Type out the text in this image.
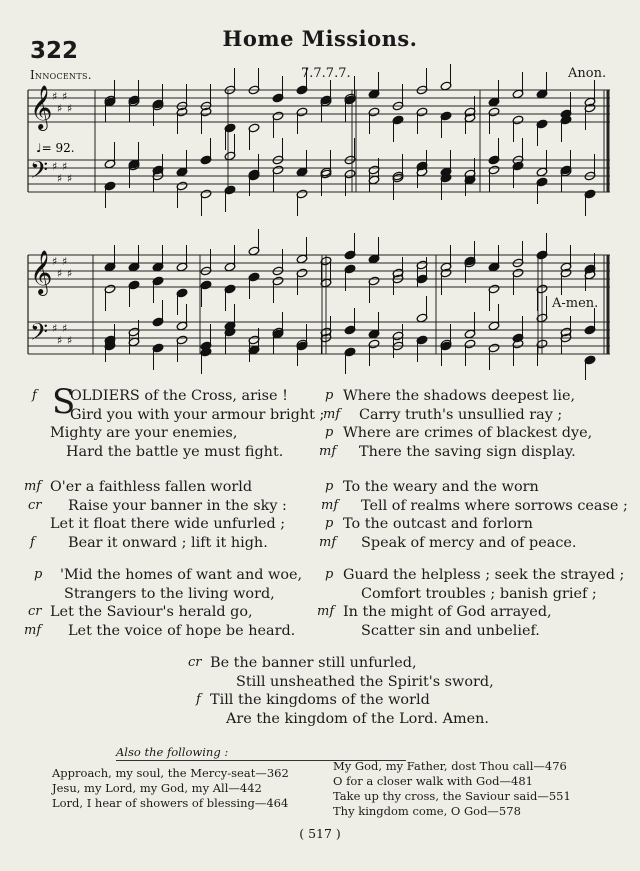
Home Missions.
322
Innocents.	7.7.7.7.	Anon.
𝄞 ♯
♯
♯
♯
𝄢 ♯
♯
♯
♯
𝄞 ♯
♯
♯
♯
𝄢 ♯
♯
♯
♯
♩= 92.
A-men.
S
f OLDIERS of the Cross, arise !
Gird you with your armour bright ;
Mighty are your enemies,
Hard the battle ye must fight.
mf O'er a faithless fallen world
cr Raise your banner in the sky :
Let it float there wide unfurled ;
f Bear it onward ; lift it high.
p 'Mid the homes of want and woe,
Strangers to the living word,
cr Let the Saviour's herald go,
mf Let the voice of hope be heard.
p Where the shadows deepest lie,
mf Carry truth's unsullied ray ;
p Where are crimes of blackest dye,
mf There the saving sign display.
p To the weary and the worn
mf Tell of realms where sorrows cease ;
p To the outcast and forlorn
mf Speak of mercy and of peace.
p Guard the helpless ; seek the strayed ;
Comfort troubles ; banish grief ;
mf In the might of God arrayed,
Scatter sin and unbelief.
cr Be the banner still unfurled,
Still unsheathed the Spirit's sword,
f Till the kingdoms of the world
Are the kingdom of the Lord. Amen.
Also the following :
Approach, my soul, the Mercy-seat—362
Jesu, my Lord, my God, my All—442
Lord, I hear of showers of blessing—464
My God, my Father, dost Thou call—476
O for a closer walk with God—481
Take up thy cross, the Saviour said—551
Thy kingdom come, O God—578
( 517 )
